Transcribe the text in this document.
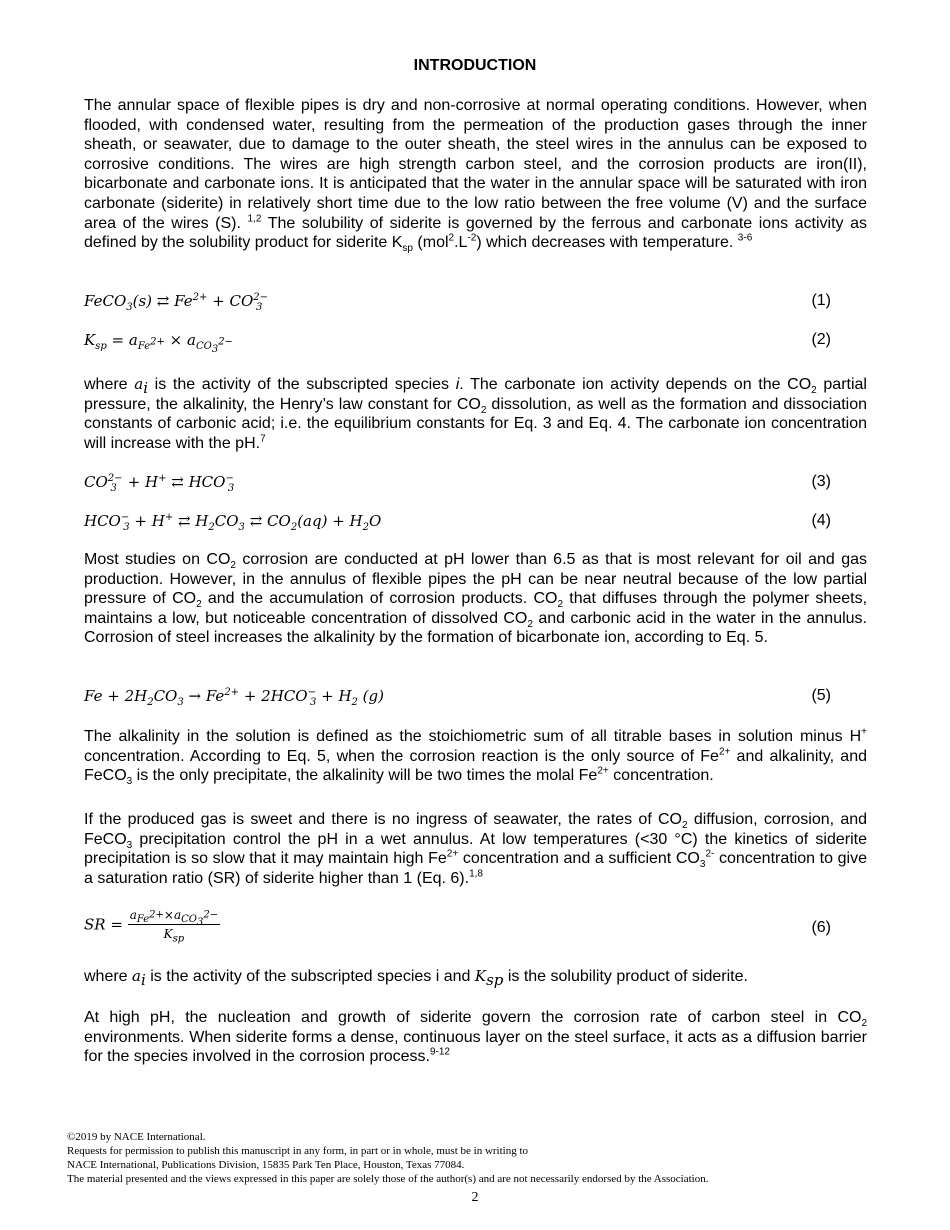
INTRODUCTION
The annular space of flexible pipes is dry and non-corrosive at normal operating conditions. However, when flooded, with condensed water, resulting from the permeation of the production gases through the inner sheath, or seawater, due to damage to the outer sheath, the steel wires in the annulus can be exposed to corrosive conditions. The wires are high strength carbon steel, and the corrosion products are iron(II), bicarbonate and carbonate ions. It is anticipated that the water in the annular space will be saturated with iron carbonate (siderite) in relatively short time due to the low ratio between the free volume (V) and the surface area of the wires (S). $^{1,2}$ The solubility of siderite is governed by the ferrous and carbonate ions activity as defined by the solubility product for siderite $K_{sp}$ $(mol^2.L^{-2})$ which decreases with temperature. $^{3-6}$
FeCO$_3$(s) ⇄ $Fe^{2+} + CO^{2-}_3$	(1)
$K_{sp} = a_{Fe^{2+}} \times a_{CO_3^{2-}}$	(2)
where $a_i$ is the activity of the subscripted species i. The carbonate ion activity depends on the $CO_2$ partial pressure, the alkalinity, the Henry’s law constant for $CO_2$ dissolution, as well as the formation and dissociation constants of carbonic acid; i.e. the equilibrium constants for Eq. 3 and Eq. 4. The carbonate ion concentration will increase with the pH.$^7$
$CO^{2-}_3 + H^+$ ⇄ $HCO^-_3$	(3)
$HCO^-_3 + H^+$ ⇄ $H_2CO_3$ ⇄ $CO_2(aq) + H_2O$	(4)
Most studies on $CO_2$ corrosion are conducted at pH lower than 6.5 as that is most relevant for oil and gas production. However, in the annulus of flexible pipes the pH can be near neutral because of the low partial pressure of $CO_2$ and the accumulation of corrosion products. $CO_2$ that diffuses through the polymer sheets, maintains a low, but noticeable concentration of dissolved $CO_2$ and carbonic acid in the water in the annulus. Corrosion of steel increases the alkalinity by the formation of bicarbonate ion, according to Eq. 5.
$Fe + 2H_2CO_3 \to Fe^{2+} + 2HCO^-_3 + H_2$ (g)	(5)
The alkalinity in the solution is defined as the stoichiometric sum of all titrable bases in solution minus H+ concentration. According to Eq. 5, when the corrosion reaction is the only source of $Fe^{2+}$ and alkalinity, and FeCO$_3$ is the only precipitate, the alkalinity will be two times the molal $Fe^{2+}$ concentration.
If the produced gas is sweet and there is no ingress of seawater, the rates of $CO_2$ diffusion, corrosion, and FeCO$_3$ precipitation control the pH in a wet annulus. At low temperatures (<30 °C) the kinetics of siderite precipitation is so slow that it may maintain high $Fe^{2+}$ concentration and a sufficient $CO_3^{2-}$ concentration to give a saturation ratio (SR) of siderite higher than 1 (Eq. 6).$^{1,8}$
SR = $\frac{a_{Fe^{2+}}\times a_{CO_3^{2-}}}{K_{sp}}$	(6)
where $a_i$ is the activity of the subscripted species i and $K_{sp}$ is the solubility product of siderite.
At high pH, the nucleation and growth of siderite govern the corrosion rate of carbon steel in $CO_2$ environments. When siderite forms a dense, continuous layer on the steel surface, it acts as a diffusion barrier for the species involved in the corrosion process.$^{9-12}$
©2019 by NACE International.
Requests for permission to publish this manuscript in any form, in part or in whole, must be in writing to
NACE International, Publications Division, 15835 Park Ten Place, Houston, Texas 77084.
The material presented and the views expressed in this paper are solely those of the author(s) and are not necessarily endorsed by the Association.
2
